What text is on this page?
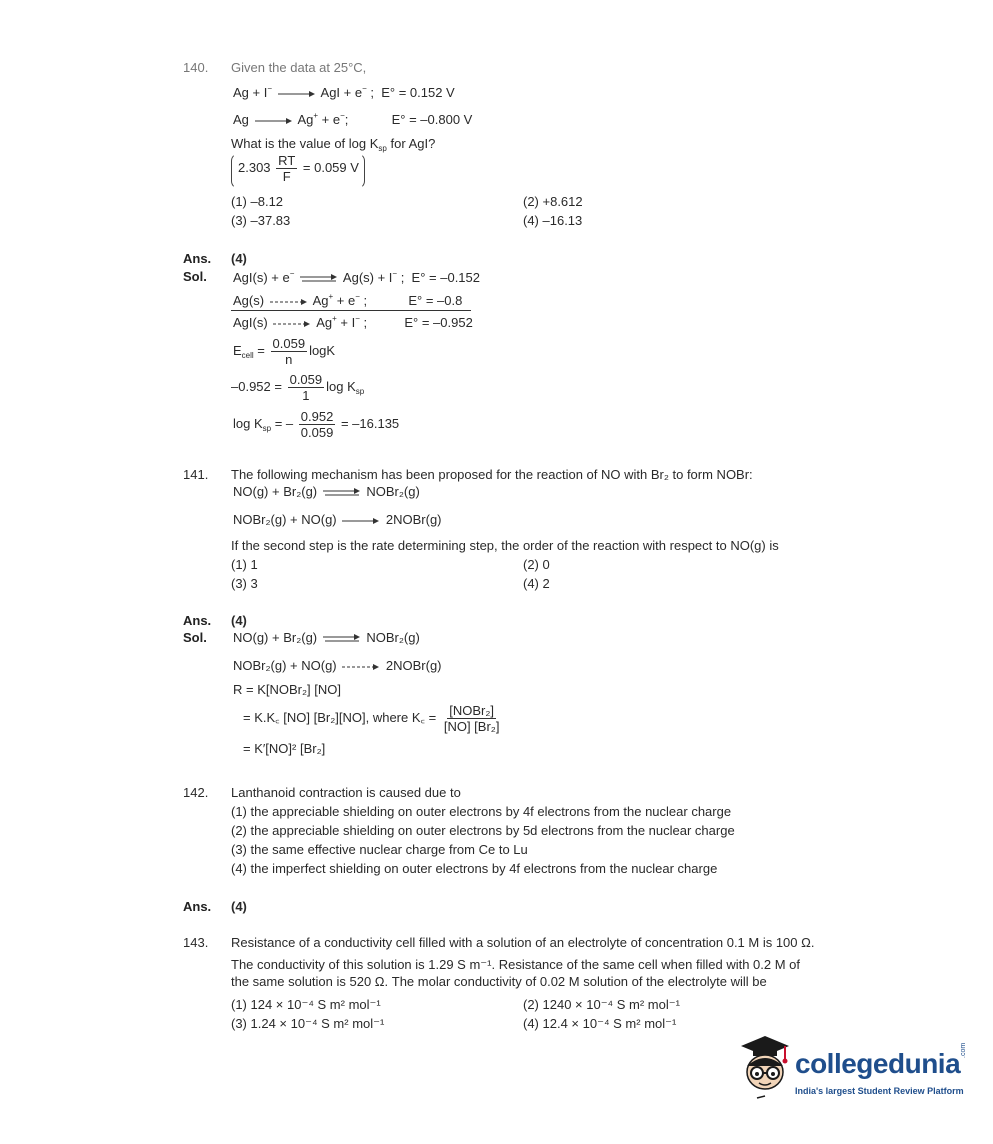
140. Given the data at 25°C,
Ag + I−	AgI + e− ;  E° = 0.152 V
Ag	Ag+ + e−;	E° = –0.800 V
What is the value of $\log K_{sp}$ for AgI?
$2.303 \frac{RT}{F} = 0.059$ V
(1) –8.12	(2) +8.612
(3) –37.83	(4) –16.13
Ans. (4)
Sol. AgI(s) + e−	Ag(s) + I− ;  E° = –0.152
Ag(s)	Ag+ + e− ;	E° = –0.8
AgI(s)	Ag+ + I− ;	E° = –0.952
$E_{cell} = \frac{0.059}{n}$ logK
$-0.952 = \frac{0.059}{1}$ $\log K_{sp}$
$\log K_{sp}$ = – $\frac{0.952}{0.059} = -16.135$
141. The following mechanism has been proposed for the reaction of NO with Br₂ to form NOBr:
NO(g) + Br₂(g)	NOBr₂(g)
NOBr₂(g) + NO(g)	2NOBr(g)
If the second step is the rate determining step, the order of the reaction with respect to NO(g) is
(1) 1	(2) 0
(3) 3	(4) 2
Ans. (4)
Sol. NO(g) + Br₂(g)	NOBr₂(g)
NOBr₂(g) + NO(g)	2NOBr(g)
R = K[NOBr₂] [NO]
= K.K꜀ [NO] [Br₂][NO], where K꜀ = $\frac{\text{[NOBr₂]}}{\text{[NO] [Br₂]}}$
= K′[NO]² [Br₂]
142. Lanthanoid contraction is caused due to
(1) the appreciable shielding on outer electrons by 4f electrons from the nuclear charge
(2) the appreciable shielding on outer electrons by 5d electrons from the nuclear charge
(3) the same effective nuclear charge from Ce to Lu
(4) the imperfect shielding on outer electrons by 4f electrons from the nuclear charge
Ans. (4)
143. Resistance of a conductivity cell filled with a solution of an electrolyte of concentration 0.1 M is 100 Ω.
The conductivity of this solution is 1.29 S m⁻¹. Resistance of the same cell when filled with 0.2 M of
the same solution is 520 Ω. The molar conductivity of 0.02 M solution of the electrolyte will be
(1) 124 × 10⁻⁴ S m² mol⁻¹	(2) 1240 × 10⁻⁴ S m² mol⁻¹
(3) 1.24 × 10⁻⁴ S m² mol⁻¹	(4) 12.4 × 10⁻⁴ S m² mol⁻¹
collegedunia .com
India's largest Student Review Platform
